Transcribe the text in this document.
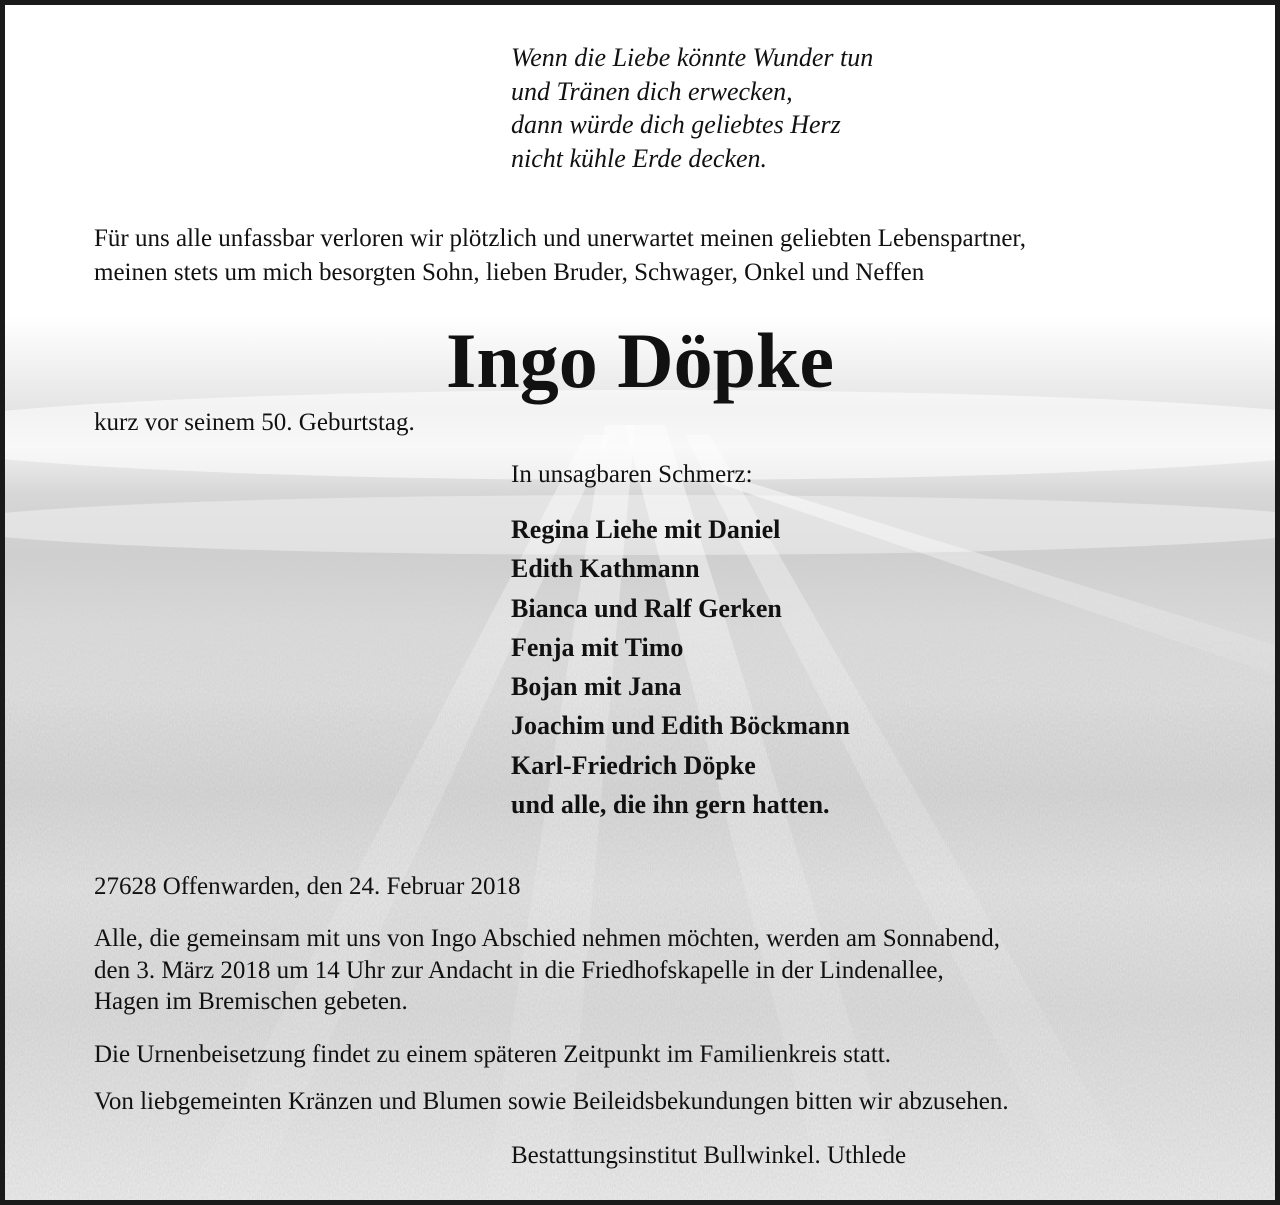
Wenn die Liebe könnte Wunder tun
und Tränen dich erwecken,
dann würde dich geliebtes Herz
nicht kühle Erde decken.
Für uns alle unfassbar verloren wir plötzlich und unerwartet meinen geliebten Lebenspartner,
meinen stets um mich besorgten Sohn, lieben Bruder, Schwager, Onkel und Neffen
Ingo Döpke
kurz vor seinem 50. Geburtstag.
In unsagbaren Schmerz:
Regina Liehe mit Daniel
Edith Kathmann
Bianca und Ralf Gerken
Fenja mit Timo
Bojan mit Jana
Joachim und Edith Böckmann
Karl-Friedrich Döpke
und alle, die ihn gern hatten.
27628 Offenwarden, den 24. Februar 2018
Alle, die gemeinsam mit uns von Ingo Abschied nehmen möchten, werden am Sonnabend,
den 3. März 2018 um 14 Uhr zur Andacht in die Friedhofskapelle in der Lindenallee,
Hagen im Bremischen gebeten.
Die Urnenbeisetzung findet zu einem späteren Zeitpunkt im Familienkreis statt.
Von liebgemeinten Kränzen und Blumen sowie Beileidsbekundungen bitten wir abzusehen.
Bestattungsinstitut Bullwinkel. Uthlede
